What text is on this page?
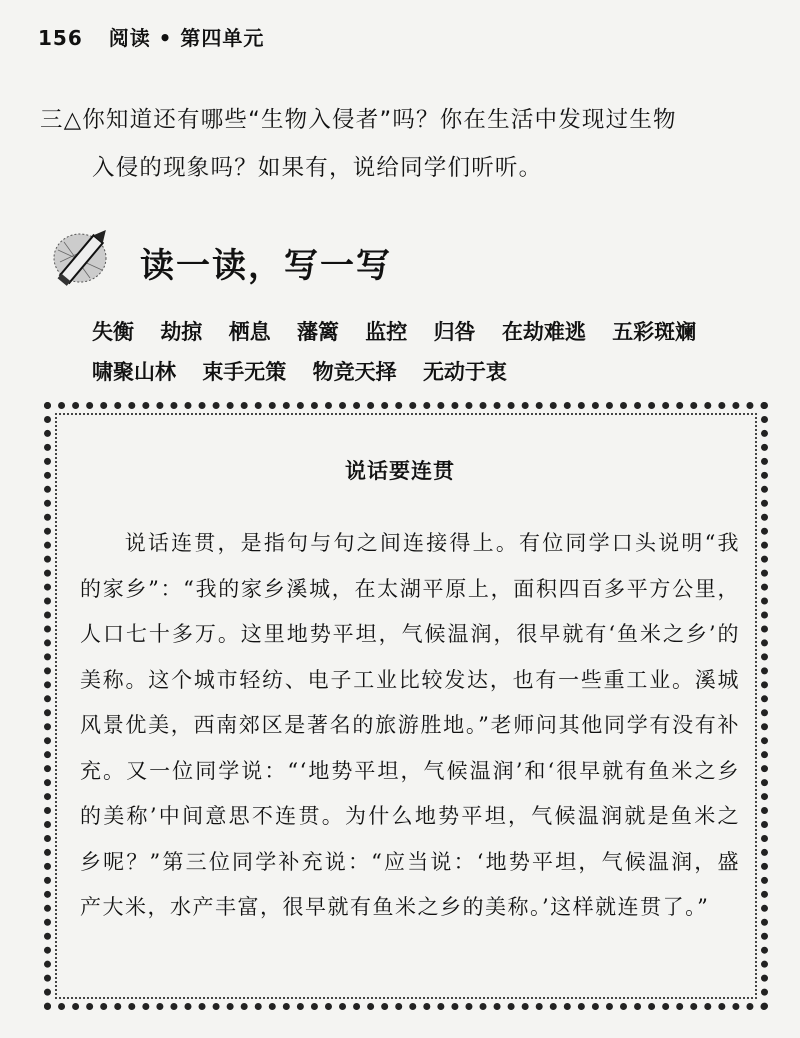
156 阅读 • 第四单元
三△你知道还有哪些“生物入侵者”吗？你在生活中发现过生物
入侵的现象吗？如果有，说给同学们听听。
读一读，写一写
失衡 劫掠 栖息 藩篱 监控 归咎 在劫难逃 五彩斑斓
啸聚山林 束手无策 物竞天择 无动于衷
说话要连贯
说话连贯，是指句与句之间连接得上。有位同学口头说明“我的家乡”：“我的家乡溪城，在太湖平原上，面积四百多平方公里，人口七十多万。这里地势平坦，气候温润，很早就有‘鱼米之乡’的美称。这个城市轻纺、电子工业比较发达，也有一些重工业。溪城风景优美，西南郊区是著名的旅游胜地。”老师问其他同学有没有补充。又一位同学说：“‘地势平坦，气候温润’和‘很早就有鱼米之乡的美称’中间意思不连贯。为什么地势平坦，气候温润就是鱼米之乡呢？”第三位同学补充说：“应当说：‘地势平坦，气候温润，盛产大米，水产丰富，很早就有鱼米之乡的美称。’这样就连贯了。”
